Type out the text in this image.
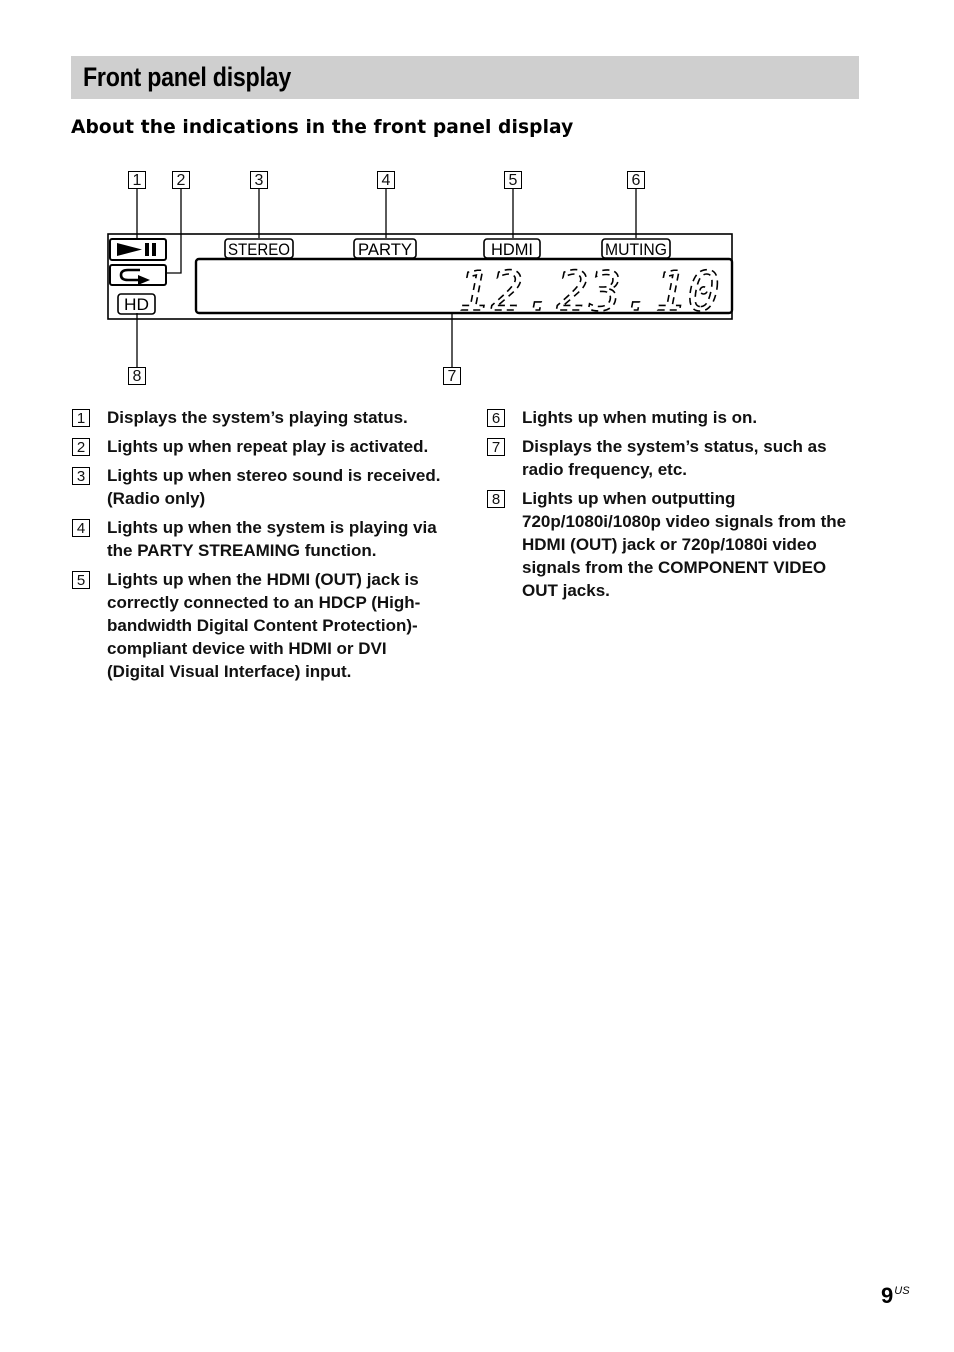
Front panel display
About the indications in the front panel display
STEREO	PARTY	HDMI	MUTING
HD	12.23.10
1 2	3	4	5	6
8	7
1 Displays the system’s playing status.
2 Lights up when repeat play is activated.
3 Lights up when stereo sound is received. (Radio only)
4 Lights up when the system is playing via the PARTY STREAMING function.
5 Lights up when the HDMI (OUT) jack is correctly connected to an HDCP (High-bandwidth Digital Content Protection)-compliant device with HDMI or DVI (Digital Visual Interface) input.
6 Lights up when muting is on.
7 Displays the system’s status, such as radio frequency, etc.
8 Lights up when outputting 720p/1080i/1080p video signals from the HDMI (OUT) jack or 720p/1080i video signals from the COMPONENT VIDEO OUT jacks.
$9^{US}$
